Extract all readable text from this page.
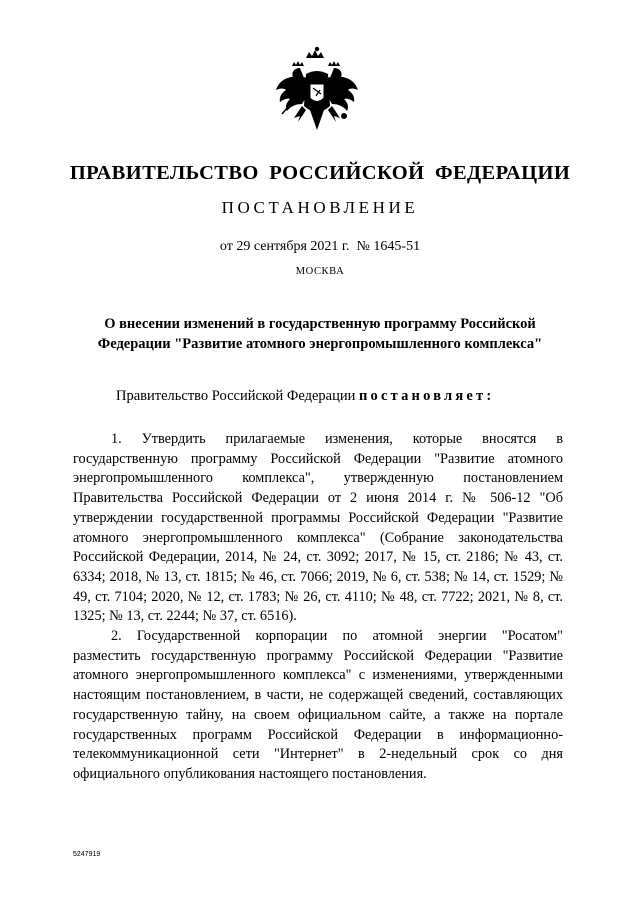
ПРАВИТЕЛЬСТВО РОССИЙСКОЙ ФЕДЕРАЦИИ
ПОСТАНОВЛЕНИЕ
от 29 сентября 2021 г.  № 1645-51
МОСКВА
О внесении изменений в государственную программу Российской
Федерации "Развитие атомного энергопромышленного комплекса"
Правительство Российской Федерации постановляет:

1. Утвердить прилагаемые изменения, которые вносятся в государственную программу Российской Федерации "Развитие атомного энергопромышленного комплекса", утвержденную постановлением Правительства Российской Федерации от 2 июня 2014 г. № 506-12 "Об утверждении государственной программы Российской Федерации "Развитие атомного энергопромышленного комплекса" (Собрание законодательства Российской Федерации, 2014, № 24, ст. 3092; 2017, № 15, ст. 2186; № 43, ст. 6334; 2018, № 13, ст. 1815; № 46, ст. 7066; 2019, № 6, ст. 538; № 14, ст. 1529; № 49, ст. 7104; 2020, № 12, ст. 1783; № 26, ст. 4110; № 48, ст. 7722; 2021, № 8, ст. 1325; № 13, ст. 2244; № 37, ст. 6516).

2. Государственной корпорации по атомной энергии "Росатом" разместить государственную программу Российской Федерации "Развитие атомного энергопромышленного комплекса" с изменениями, утвержденными настоящим постановлением, в части, не содержащей сведений, составляющих государственную тайну, на своем официальном сайте, а также на портале государственных программ Российской Федерации в информационно-телекоммуникационной сети "Интернет" в 2-недельный срок со дня официального опубликования настоящего постановления.

5247919
